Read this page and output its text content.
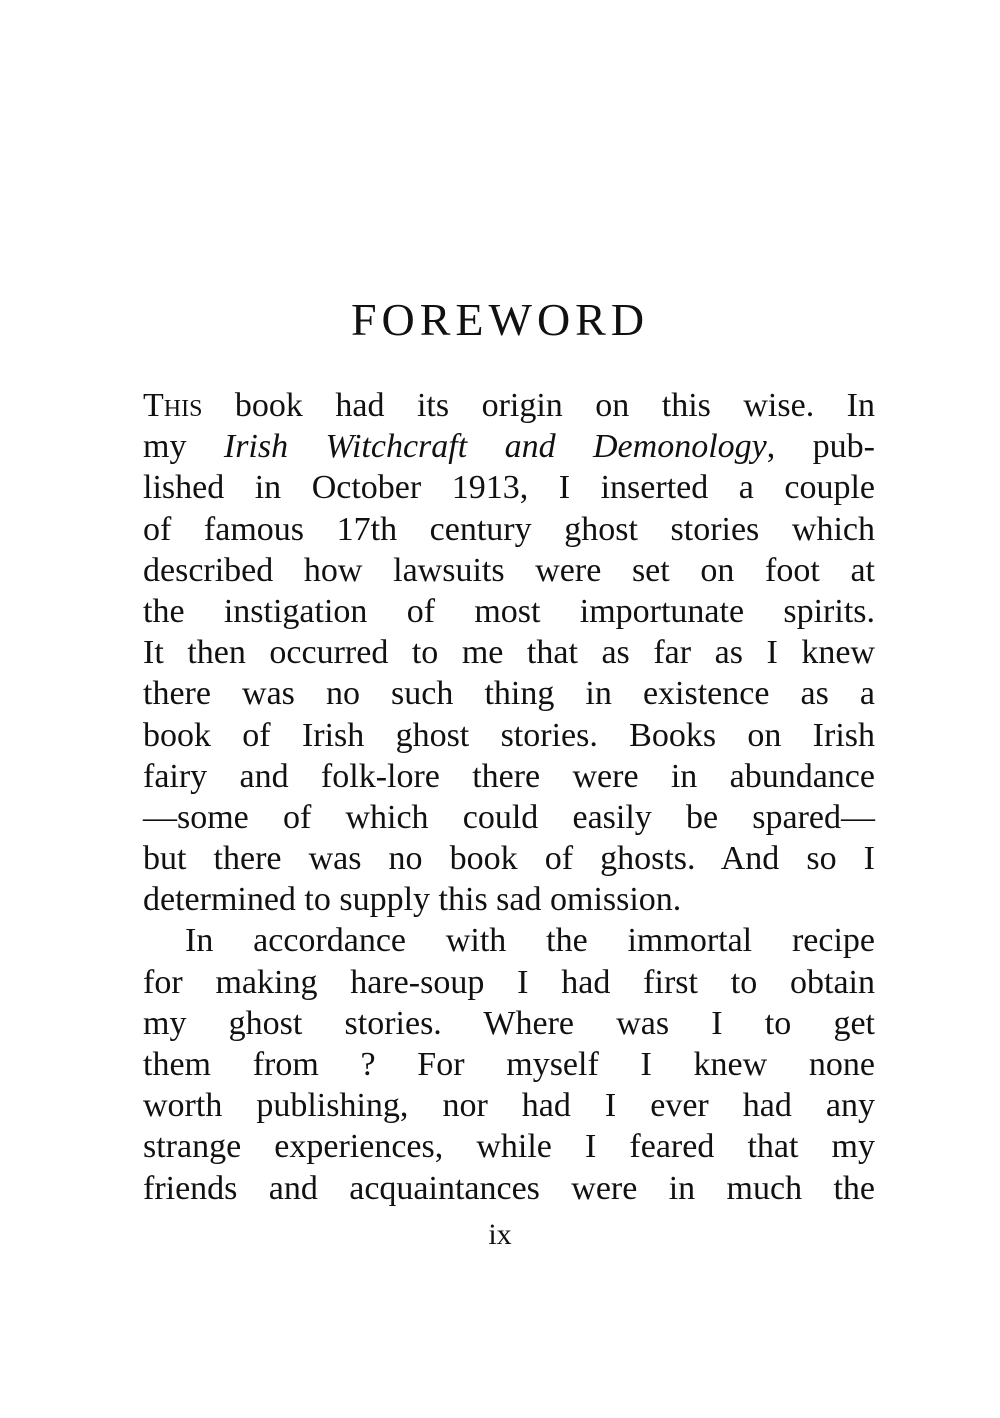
FOREWORD
This book had its origin on this wise. In
my Irish Witchcraft and Demonology, pub-
lished in October 1913, I inserted a couple
of famous 17th century ghost stories which
described how lawsuits were set on foot at
the instigation of most importunate spirits.
It then occurred to me that as far as I knew
there was no such thing in existence as a
book of Irish ghost stories. Books on Irish
fairy and folk-lore there were in abundance
—some of which could easily be spared—
but there was no book of ghosts. And so I
determined to supply this sad omission.
In accordance with the immortal recipe
for making hare-soup I had first to obtain
my ghost stories. Where was I to get
them from ? For myself I knew none
worth publishing, nor had I ever had any
strange experiences, while I feared that my
friends and acquaintances were in much the
ix
